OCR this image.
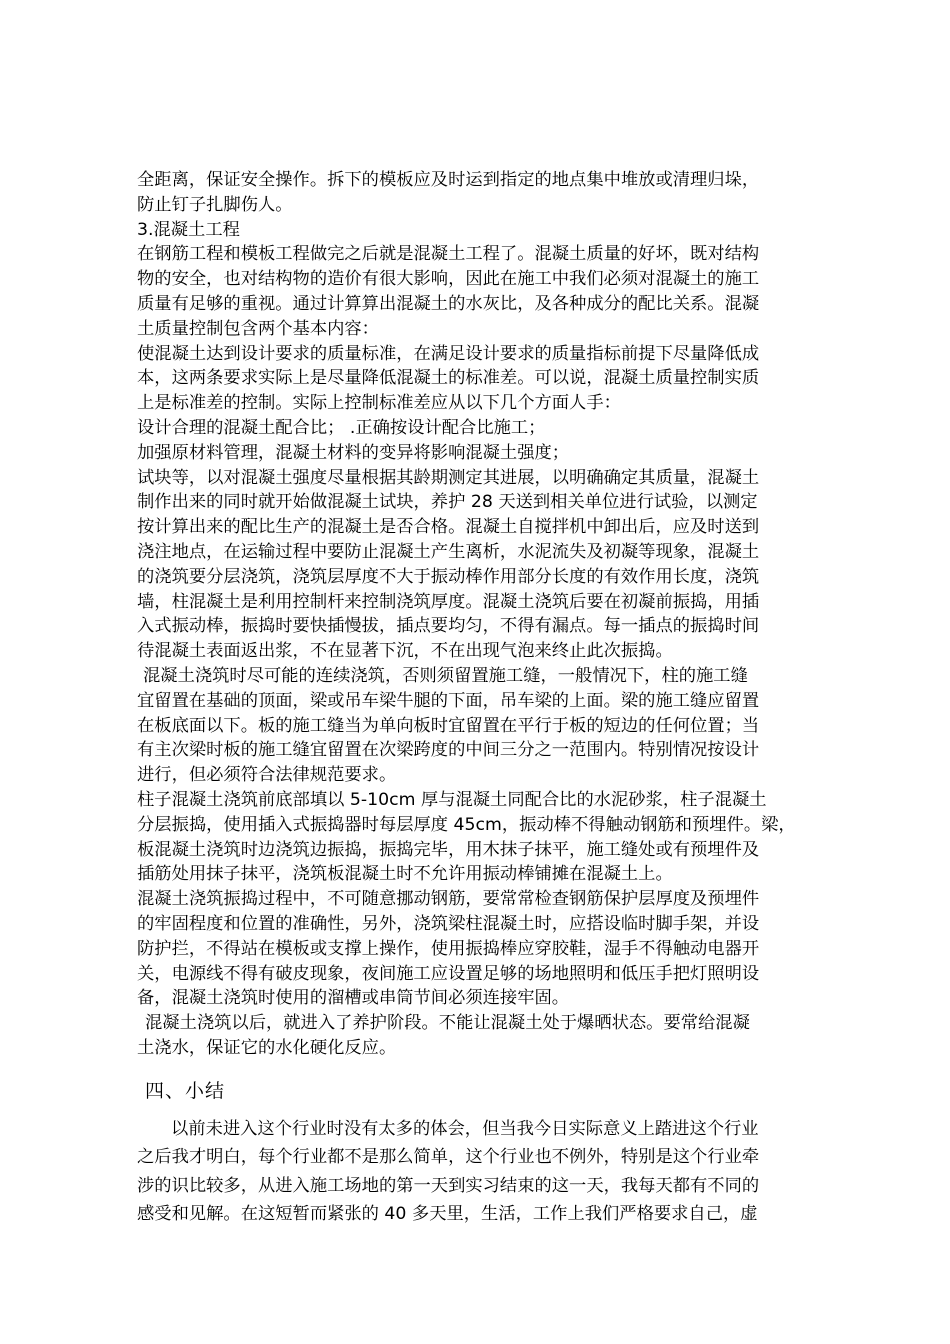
全距离，保证安全操作。拆下的模板应及时运到指定的地点集中堆放或清理归垛，
防止钉子扎脚伤人。
3.混凝土工程
在钢筋工程和模板工程做完之后就是混凝土工程了。混凝土质量的好坏，既对结构
物的安全，也对结构物的造价有很大影响，因此在施工中我们必须对混凝土的施工
质量有足够的重视。通过计算算出混凝土的水灰比，及各种成分的配比关系。混凝
土质量控制包含两个基本内容：
使混凝土达到设计要求的质量标准，在满足设计要求的质量指标前提下尽量降低成
本，这两条要求实际上是尽量降低混凝土的标准差。可以说，混凝土质量控制实质
上是标准差的控制。实际上控制标准差应从以下几个方面人手：
设计合理的混凝土配合比； .正确按设计配合比施工；
加强原材料管理，混凝土材料的变异将影响混凝土强度；
试块等，以对混凝土强度尽量根据其龄期测定其进展，以明确确定其质量，混凝土
制作出来的同时就开始做混凝土试块，养护 28 天送到相关单位进行试验，以测定
按计算出来的配比生产的混凝土是否合格。混凝土自搅拌机中卸出后，应及时送到
浇注地点，在运输过程中要防止混凝土产生离析，水泥流失及初凝等现象，混凝土
的浇筑要分层浇筑，浇筑层厚度不大于振动棒作用部分长度的有效作用长度，浇筑
墙，柱混凝土是利用控制杆来控制浇筑厚度。混凝土浇筑后要在初凝前振捣，用插
入式振动棒，振捣时要快插慢拔，插点要均匀，不得有漏点。每一插点的振捣时间
待混凝土表面返出浆，不在显著下沉，不在出现气泡来终止此次振捣。
混凝土浇筑时尽可能的连续浇筑，否则须留置施工缝，一般情况下，柱的施工缝
宜留置在基础的顶面，梁或吊车梁牛腿的下面，吊车梁的上面。梁的施工缝应留置
在板底面以下。板的施工缝当为单向板时宜留置在平行于板的短边的任何位置；当
有主次梁时板的施工缝宜留置在次梁跨度的中间三分之一范围内。特别情况按设计
进行，但必须符合法律规范要求。
柱子混凝土浇筑前底部填以 5-10cm 厚与混凝土同配合比的水泥砂浆，柱子混凝土
分层振捣，使用插入式振捣器时每层厚度 45cm，振动棒不得触动钢筋和预埋件。梁，
板混凝土浇筑时边浇筑边振捣，振捣完毕，用木抹子抹平，施工缝处或有预埋件及
插筋处用抹子抹平，浇筑板混凝土时不允许用振动棒铺摊在混凝土上。
混凝土浇筑振捣过程中，不可随意挪动钢筋，要常常检查钢筋保护层厚度及预埋件
的牢固程度和位置的准确性，另外，浇筑梁柱混凝土时，应搭设临时脚手架，并设
防护拦，不得站在模板或支撑上操作，使用振捣棒应穿胶鞋，湿手不得触动电器开
关，电源线不得有破皮现象，夜间施工应设置足够的场地照明和低压手把灯照明设
备，混凝土浇筑时使用的溜槽或串筒节间必须连接牢固。
混凝土浇筑以后，就进入了养护阶段。不能让混凝土处于爆晒状态。要常给混凝
土浇水，保证它的水化硬化反应。
四、小结
以前未进入这个行业时没有太多的体会，但当我今日实际意义上踏进这个行业
之后我才明白，每个行业都不是那么简单，这个行业也不例外，特别是这个行业牵
涉的识比较多，从进入施工场地的第一天到实习结束的这一天，我每天都有不同的
感受和见解。在这短暂而紧张的 40 多天里，生活，工作上我们严格要求自己，虚
